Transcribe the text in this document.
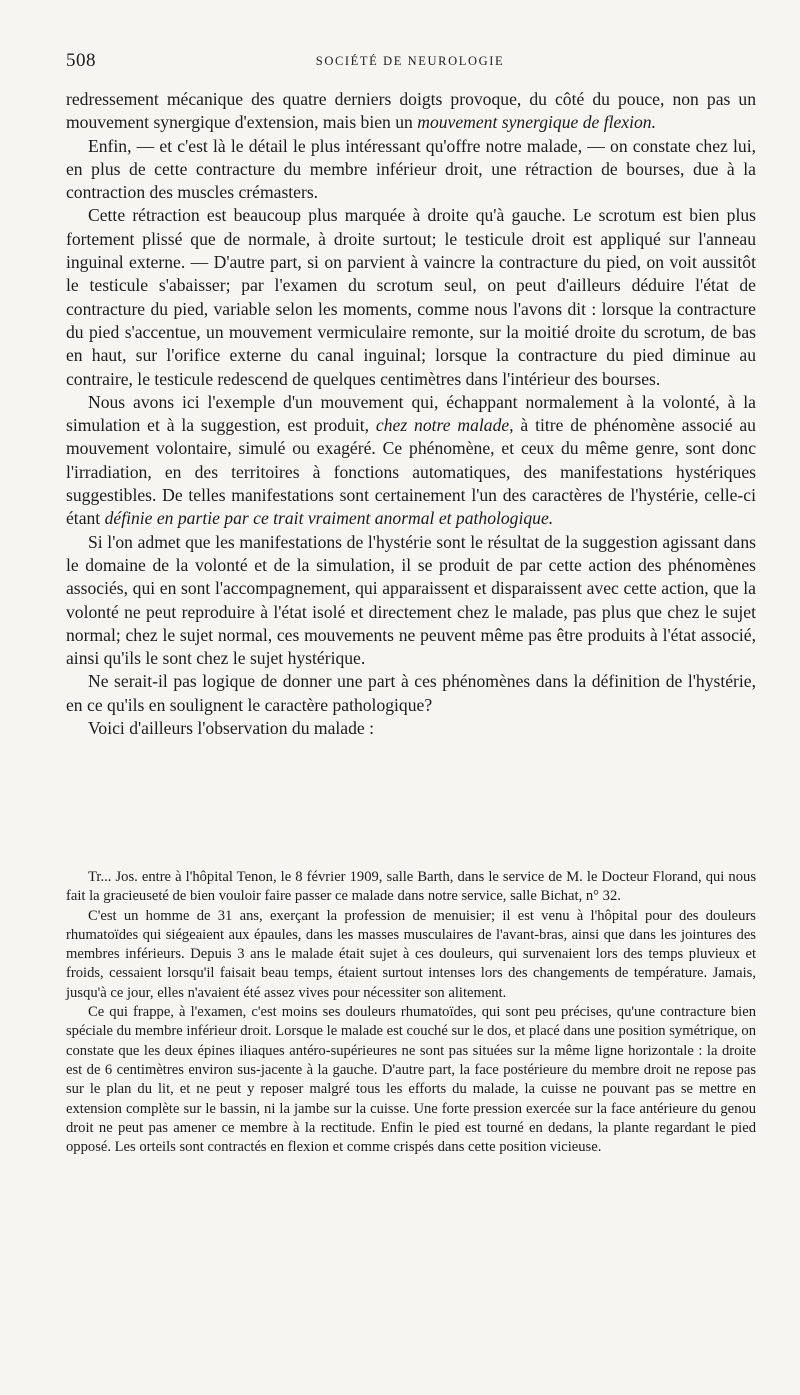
508	SOCIÉTÉ DE NEUROLOGIE

redressement mécanique des quatre derniers doigts provoque, du côté du pouce, non pas un mouvement synergique d'extension, mais bien un mouvement synergique de flexion.

Enfin, — et c'est là le détail le plus intéressant qu'offre notre malade, — on constate chez lui, en plus de cette contracture du membre inférieur droit, une rétraction de bourses, due à la contraction des muscles crémasters.

Cette rétraction est beaucoup plus marquée à droite qu'à gauche. Le scrotum est bien plus fortement plissé que de normale, à droite surtout; le testicule droit est appliqué sur l'anneau inguinal externe. — D'autre part, si on parvient à vaincre la contracture du pied, on voit aussitôt le testicule s'abaisser; par l'examen du scrotum seul, on peut d'ailleurs déduire l'état de contracture du pied, variable selon les moments, comme nous l'avons dit : lorsque la contracture du pied s'accentue, un mouvement vermiculaire remonte, sur la moitié droite du scrotum, de bas en haut, sur l'orifice externe du canal inguinal; lorsque la contracture du pied diminue au contraire, le testicule redescend de quelques centimètres dans l'intérieur des bourses.

Nous avons ici l'exemple d'un mouvement qui, échappant normalement à la volonté, à la simulation et à la suggestion, est produit, chez notre malade, à titre de phénomène associé au mouvement volontaire, simulé ou exagéré. Ce phénomène, et ceux du même genre, sont donc l'irradiation, en des territoires à fonctions automatiques, des manifestations hystériques suggestibles. De telles manifestations sont certainement l'un des caractères de l'hystérie, celle-ci étant définie en partie par ce trait vraiment anormal et pathologique.

Si l'on admet que les manifestations de l'hystérie sont le résultat de la suggestion agissant dans le domaine de la volonté et de la simulation, il se produit de par cette action des phénomènes associés, qui en sont l'accompagnement, qui apparaissent et disparaissent avec cette action, que la volonté ne peut reproduire à l'état isolé et directement chez le malade, pas plus que chez le sujet normal; chez le sujet normal, ces mouvements ne peuvent même pas être produits à l'état associé, ainsi qu'ils le sont chez le sujet hystérique.

Ne serait-il pas logique de donner une part à ces phénomènes dans la définition de l'hystérie, en ce qu'ils en soulignent le caractère pathologique?

Voici d'ailleurs l'observation du malade :

Tr... Jos. entre à l'hôpital Tenon, le 8 février 1909, salle Barth, dans le service de M. le Docteur Florand, qui nous fait la gracieuseté de bien vouloir faire passer ce malade dans notre service, salle Bichat, n° 32.

C'est un homme de 31 ans, exerçant la profession de menuisier; il est venu à l'hôpital pour des douleurs rhumatoïdes qui siégeaient aux épaules, dans les masses musculaires de l'avant-bras, ainsi que dans les jointures des membres inférieurs. Depuis 3 ans le malade était sujet à ces douleurs, qui survenaient lors des temps pluvieux et froids, cessaient lorsqu'il faisait beau temps, étaient surtout intenses lors des changements de température. Jamais, jusqu'à ce jour, elles n'avaient été assez vives pour nécessiter son alitement.

Ce qui frappe, à l'examen, c'est moins ses douleurs rhumatoïdes, qui sont peu précises, qu'une contracture bien spéciale du membre inférieur droit. Lorsque le malade est couché sur le dos, et placé dans une position symétrique, on constate que les deux épines iliaques antéro-supérieures ne sont pas situées sur la même ligne horizontale : la droite est de 6 centimètres environ sus-jacente à la gauche. D'autre part, la face postérieure du membre droit ne repose pas sur le plan du lit, et ne peut y reposer malgré tous les efforts du malade, la cuisse ne pouvant pas se mettre en extension complète sur le bassin, ni la jambe sur la cuisse. Une forte pression exercée sur la face antérieure du genou droit ne peut pas amener ce membre à la rectitude. Enfin le pied est tourné en dedans, la plante regardant le pied opposé. Les orteils sont contractés en flexion et comme crispés dans cette position vicieuse.
